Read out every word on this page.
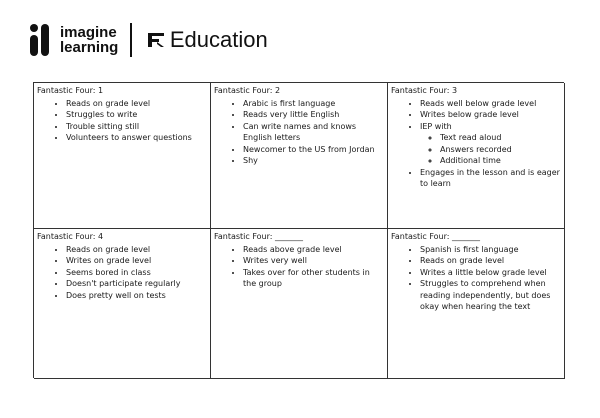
imagine
learning Education
Fantastic Four: 1
• Reads on grade level
• Struggles to write
• Trouble sitting still
• Volunteers to answer questions
Fantastic Four: 2
• Arabic is first language
• Reads very little English
• Can write names and knows English letters
• Newcomer to the US from Jordan
• Shy
Fantastic Four: 3
• Reads well below grade level
• Writes below grade level
• IEP with
◦ Text read aloud
◦ Answers recorded
◦ Additional time
• Engages in the lesson and is eager to learn
Fantastic Four: 4
• Reads on grade level
• Writes on grade level
• Seems bored in class
• Doesn't participate regularly
• Does pretty well on tests
Fantastic Four: _______
• Reads above grade level
• Writes very well
• Takes over for other students in the group
Fantastic Four: _______
• Spanish is first language
• Reads on grade level
• Writes a little below grade level
• Struggles to comprehend when reading independently, but does okay when hearing the text
